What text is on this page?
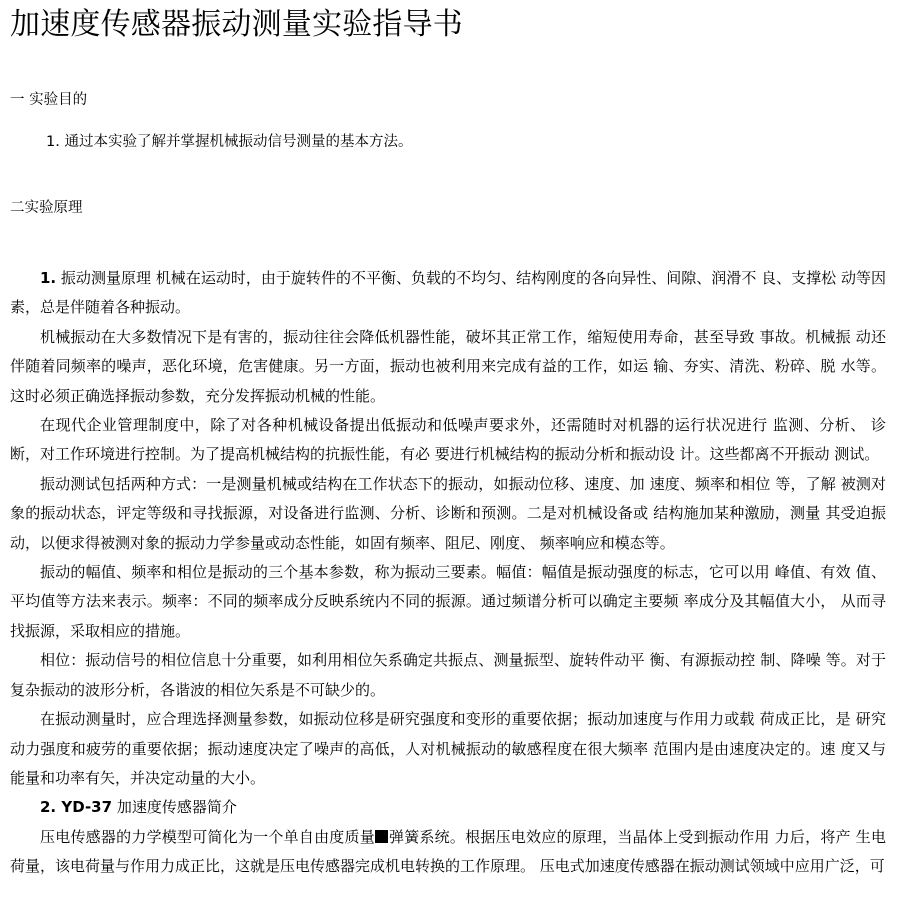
加速度传感器振动测量实验指导书
一 实验目的
1. 通过本实验了解并掌握机械振动信号测量的基本方法。
二实验原理

1. 振动测量原理 机械在运动时，由于旋转件的不平衡、负载的不均匀、结构刚度的各向异性、间隙、润滑不 良、支撑松 动等因素，总是伴随着各种振动。

机械振动在大多数情况下是有害的，振动往往会降低机器性能，破坏其正常工作，缩短使用寿命，甚至导致 事故。机械振 动还伴随着同频率的噪声，恶化环境，危害健康。另一方面，振动也被利用来完成有益的工作，如运 输、夯实、清洗、粉碎、脱 水等。这时必须正确选择振动参数，充分发挥振动机械的性能。

在现代企业管理制度中，除了对各种机械设备提出低振动和低噪声要求外，还需随时对机器的运行状况进行 监测、分析、 诊断，对工作环境进行控制。为了提高机械结构的抗振性能，有必 要进行机械结构的振动分析和振动设 计。这些都离不开振动 测试。

振动测试包括两种方式：一是测量机械或结构在工作状态下的振动，如振动位移、速度、加 速度、频率和相位 等，了解 被测对象的振动状态，评定等级和寻找振源，对设备进行监测、分析、诊断和预测。二是对机械设备或 结构施加某种激励，测量 其受迫振动，以便求得被测对象的振动力学参量或动态性能，如固有频率、阻尼、刚度、 频率响应和模态等。

振动的幅值、频率和相位是振动的三个基本参数，称为振动三要素。幅值：幅值是振动强度的标志，它可以用 峰值、有效 值、平均值等方法来表示。频率：不同的频率成分反映系统内不同的振源。通过频谱分析可以确定主要频 率成分及其幅值大小， 从而寻找振源，采取相应的措施。

相位：振动信号的相位信息十分重要，如利用相位矢系确定共振点、测量振型、旋转件动平 衡、有源振动控 制、降噪 等。对于复杂振动的波形分析，各谐波的相位矢系是不可缺少的。

在振动测量时，应合理选择测量参数，如振动位移是研究强度和变形的重要依据；振动加速度与作用力或载 荷成正比，是 研究动力强度和疲劳的重要依据；振动速度决定了噪声的高低，人对机械振动的敏感程度在很大频率 范围内是由速度决定的。速 度又与能量和功率有矢，并决定动量的大小。

2. YD-37 加速度传感器简介

压电传感器的力学模型可简化为一个单自由度质量 弹簧系统。根据压电效应的原理，当晶体上受到振动作用 力后，将产 生电荷量，该电荷量与作用力成正比，这就是压电传感器完成机电转换的工作原理。 压电式加速度传感器在振动测试领域中应用广泛，可
